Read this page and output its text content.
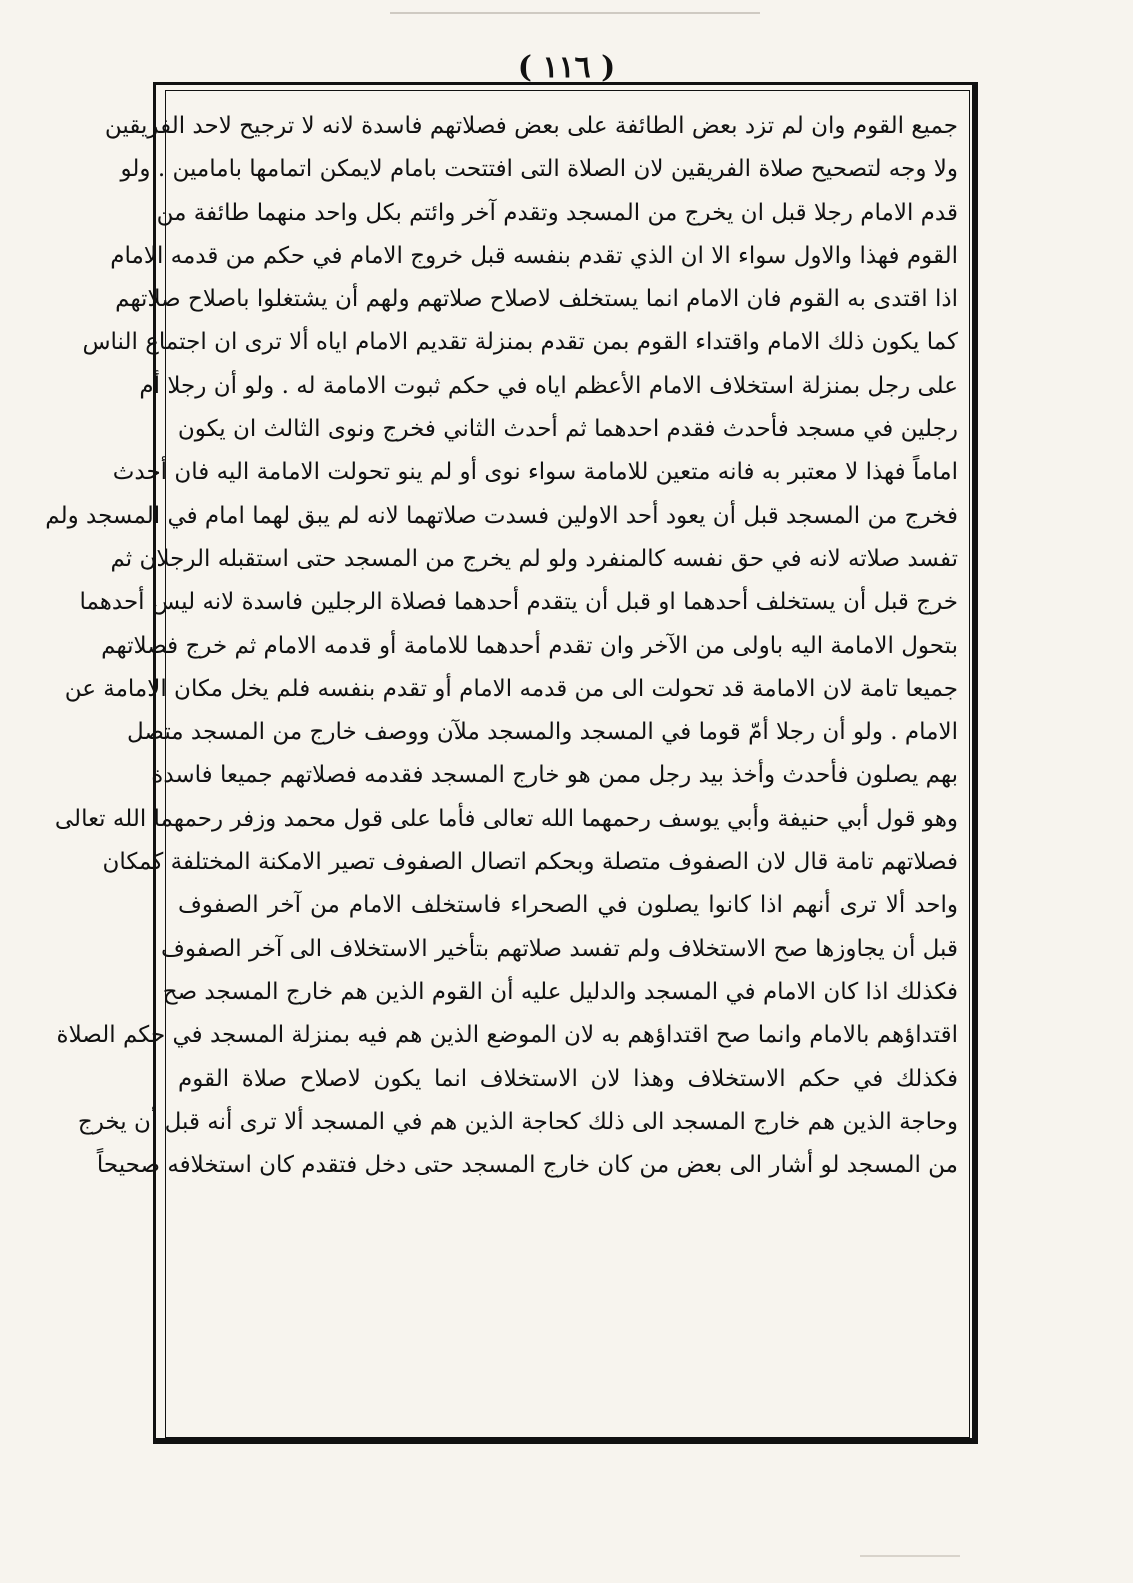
( ١١٦ )
جميع القوم وان لم تزد بعض الطائفة على بعض فصلاتهم فاسدة لانه لا ترجيح لاحد الفريقين
ولا وجه لتصحيح صلاة الفريقين لان الصلاة التى افتتحت بامام لايمكن اتمامها بامامين . ولو
قدم الامام رجلا قبل ان يخرج من المسجد وتقدم آخر وائتم بكل واحد منهما طائفة من
القوم فهذا والاول سواء الا ان الذي تقدم بنفسه قبل خروج الامام في حكم من قدمه الامام
اذا اقتدى به القوم فان الامام انما يستخلف لاصلاح صلاتهم ولهم أن يشتغلوا باصلاح صلاتهم
كما يكون ذلك الامام واقتداء القوم بمن تقدم بمنزلة تقديم الامام اياه ألا ترى ان اجتماع الناس
على رجل بمنزلة استخلاف الامام الأعظم اياه في حكم ثبوت الامامة له . ولو أن رجلا أم
رجلين في مسجد فأحدث فقدم احدهما ثم أحدث الثاني فخرج ونوى الثالث ان يكون
اماماً فهذا لا معتبر به فانه متعين للامامة سواء نوى أو لم ينو تحولت الامامة اليه فان أحدث
فخرج من المسجد قبل أن يعود أحد الاولين فسدت صلاتهما لانه لم يبق لهما امام في المسجد ولم
تفسد صلاته لانه في حق نفسه كالمنفرد ولو لم يخرج من المسجد حتى استقبله الرجلان ثم
خرج قبل أن يستخلف أحدهما او قبل أن يتقدم أحدهما فصلاة الرجلين فاسدة لانه ليس أحدهما
بتحول الامامة اليه باولى من الآخر وان تقدم أحدهما للامامة أو قدمه الامام ثم خرج فصلاتهم
جميعا تامة لان الامامة قد تحولت الى من قدمه الامام أو تقدم بنفسه فلم يخل مكان الامامة عن
الامام . ولو أن رجلا أمّ قوما في المسجد والمسجد ملآن ووصف خارج من المسجد متصل
بهم يصلون فأحدث وأخذ بيد رجل ممن هو خارج المسجد فقدمه فصلاتهم جميعا فاسدة
وهو قول أبي حنيفة وأبي يوسف رحمهما الله تعالى فأما على قول محمد وزفر رحمهما الله تعالى
فصلاتهم تامة قال لان الصفوف متصلة وبحكم اتصال الصفوف تصير الامكنة المختلفة كمكان
واحد ألا ترى أنهم اذا كانوا يصلون في الصحراء فاستخلف الامام من آخر الصفوف
قبل أن يجاوزها صح الاستخلاف ولم تفسد صلاتهم بتأخير الاستخلاف الى آخر الصفوف
فكذلك اذا كان الامام في المسجد والدليل عليه أن القوم الذين هم خارج المسجد صح
اقتداؤهم بالامام وانما صح اقتداؤهم به لان الموضع الذين هم فيه بمنزلة المسجد في حكم الصلاة
فكذلك في حكم الاستخلاف وهذا لان الاستخلاف انما يكون لاصلاح صلاة القوم
وحاجة الذين هم خارج المسجد الى ذلك كحاجة الذين هم في المسجد ألا ترى أنه قبل أن يخرج
من المسجد لو أشار الى بعض من كان خارج المسجد حتى دخل فتقدم كان استخلافه صحيحاً
